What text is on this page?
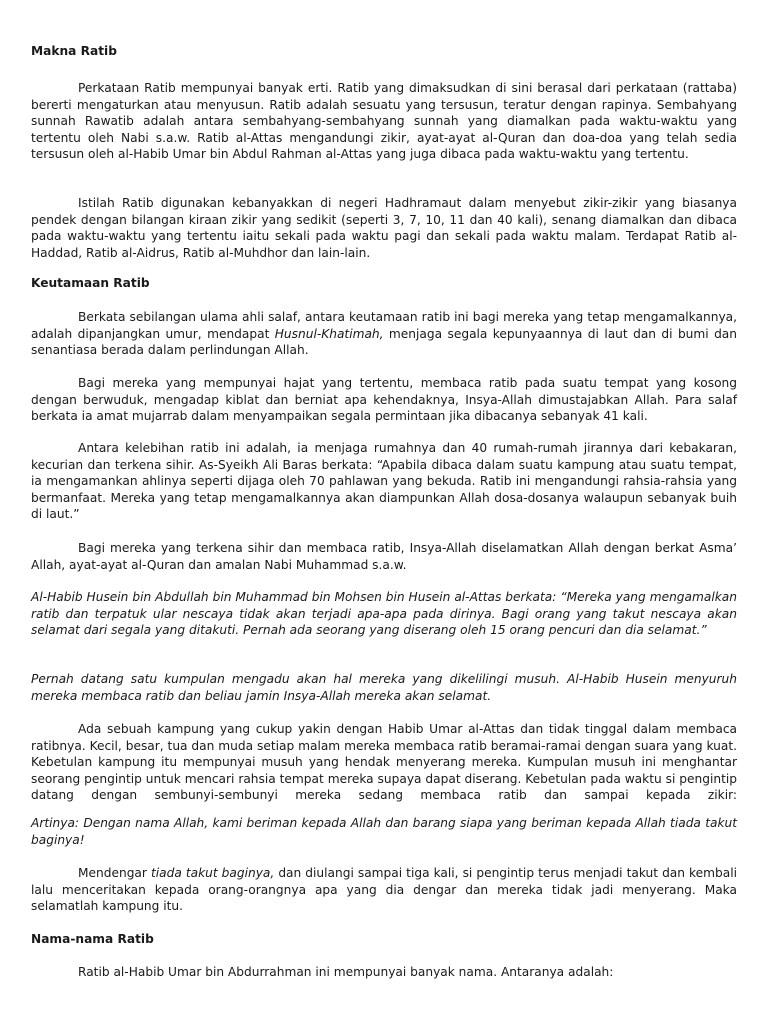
Makna Ratib

Perkataan Ratib mempunyai banyak erti. Ratib yang dimaksudkan di sini berasal dari perkataan (rattaba) bererti mengaturkan atau menyusun. Ratib adalah sesuatu yang tersusun, teratur dengan rapinya. Sembahyang sunnah Rawatib adalah antara sembahyang-sembahyang sunnah yang diamalkan pada waktu-waktu yang tertentu oleh Nabi s.a.w. Ratib al-Attas mengandungi zikir, ayat-ayat al-Quran dan doa-doa yang telah sedia tersusun oleh al-Habib Umar bin Abdul Rahman al-Attas yang juga dibaca pada waktu-waktu yang tertentu.

Istilah Ratib digunakan kebanyakkan di negeri Hadhramaut dalam menyebut zikir-zikir yang biasanya pendek dengan bilangan kiraan zikir yang sedikit (seperti 3, 7, 10, 11 dan 40 kali), senang diamalkan dan dibaca pada waktu-waktu yang tertentu iaitu sekali pada waktu pagi dan sekali pada waktu malam. Terdapat Ratib al-Haddad, Ratib al-Aidrus, Ratib al-Muhdhor dan lain-lain.

Keutamaan Ratib

Berkata sebilangan ulama ahli salaf, antara keutamaan ratib ini bagi mereka yang tetap mengamalkannya, adalah dipanjangkan umur, mendapat Husnul-Khatimah, menjaga segala kepunyaannya di laut dan di bumi dan senantiasa berada dalam perlindungan Allah.

Bagi mereka yang mempunyai hajat yang tertentu, membaca ratib pada suatu tempat yang kosong dengan berwuduk, mengadap kiblat dan berniat apa kehendaknya, Insya-Allah dimustajabkan Allah. Para salaf berkata ia amat mujarrab dalam menyampaikan segala permintaan jika dibacanya sebanyak 41 kali.

Antara kelebihan ratib ini adalah, ia menjaga rumahnya dan 40 rumah-rumah jirannya dari kebakaran, kecurian dan terkena sihir. As-Syeikh Ali Baras berkata: “Apabila dibaca dalam suatu kampung atau suatu tempat, ia mengamankan ahlinya seperti dijaga oleh 70 pahlawan yang bekuda. Ratib ini mengandungi rahsia-rahsia yang bermanfaat. Mereka yang tetap mengamalkannya akan diampunkan Allah dosa-dosanya walaupun sebanyak buih di laut.”

Bagi mereka yang terkena sihir dan membaca ratib, Insya-Allah diselamatkan Allah dengan berkat Asma’ Allah, ayat-ayat al-Quran dan amalan Nabi Muhammad s.a.w.

Al-Habib Husein bin Abdullah bin Muhammad bin Mohsen bin Husein al-Attas berkata: “Mereka yang mengamalkan ratib dan terpatuk ular nescaya tidak akan terjadi apa-apa pada dirinya. Bagi orang yang takut nescaya akan selamat dari segala yang ditakuti. Pernah ada seorang yang diserang oleh 15 orang pencuri dan dia selamat.”

Pernah datang satu kumpulan mengadu akan hal mereka yang dikelilingi musuh. Al-Habib Husein menyuruh mereka membaca ratib dan beliau jamin Insya-Allah mereka akan selamat.

Ada sebuah kampung yang cukup yakin dengan Habib Umar al-Attas dan tidak tinggal dalam membaca ratibnya. Kecil, besar, tua dan muda setiap malam mereka membaca ratib beramai-ramai dengan suara yang kuat. Kebetulan kampung itu mempunyai musuh yang hendak menyerang mereka. Kumpulan musuh ini menghantar seorang pengintip untuk mencari rahsia tempat mereka supaya dapat diserang. Kebetulan pada waktu si pengintip datang dengan sembunyi-sembunyi mereka sedang membaca ratib dan sampai kepada zikir:

Artinya: Dengan nama Allah, kami beriman kepada Allah dan barang siapa yang beriman kepada Allah tiada takut baginya!

Mendengar tiada takut baginya, dan diulangi sampai tiga kali, si pengintip terus menjadi takut dan kembali lalu menceritakan kepada orang-orangnya apa yang dia dengar dan mereka tidak jadi menyerang. Maka selamatlah kampung itu.

Nama-nama Ratib

Ratib al-Habib Umar bin Abdurrahman ini mempunyai banyak nama. Antaranya adalah:
